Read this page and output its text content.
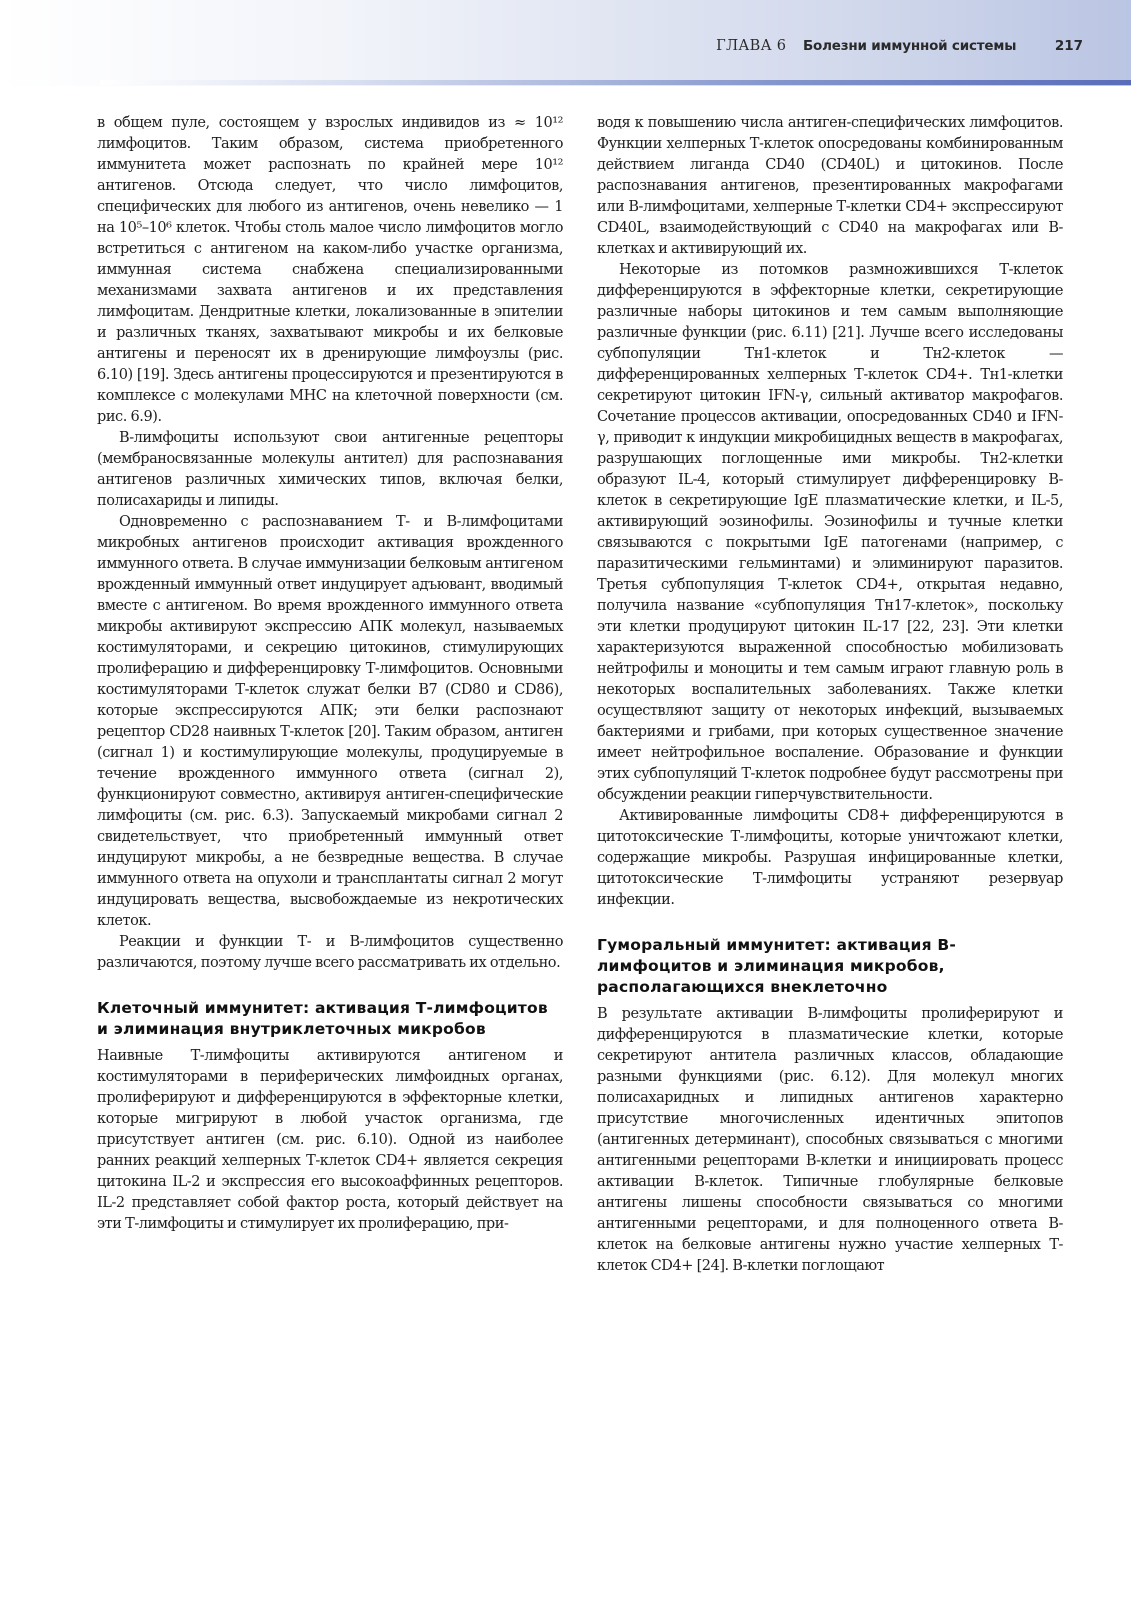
ГЛАВА 6 Болезни иммунной системы	217

в общем пуле, состоящем у взрослых индивидов из ≈ 10¹² лимфоцитов. Таким образом, система приобретенного иммунитета может распознать по крайней мере 10¹² антигенов. Отсюда следует, что число лимфоцитов, специфических для любого из антигенов, очень невелико — 1 на 10⁵–10⁶ клеток. Чтобы столь малое число лимфоцитов могло встретиться с антигеном на каком-либо участке организма, иммунная система снабжена специализированными механизмами захвата антигенов и их представления лимфоцитам. Дендритные клетки, локализованные в эпителии и различных тканях, захватывают микробы и их белковые антигены и переносят их в дренирующие лимфоузлы (рис. 6.10) [19]. Здесь антигены процессируются и презентируются в комплексе с молекулами MHC на клеточной поверхности (см. рис. 6.9).

В-лимфоциты используют свои антигенные рецепторы (мембраносвязанные молекулы антител) для распознавания антигенов различных химических типов, включая белки, полисахариды и липиды.

Одновременно с распознаванием Т- и В-лимфоцитами микробных антигенов происходит активация врожденного иммунного ответа. В случае иммунизации белковым антигеном врожденный иммунный ответ индуцирует адъювант, вводимый вместе с антигеном. Во время врожденного иммунного ответа микробы активируют экспрессию АПК молекул, называемых костимуляторами, и секрецию цитокинов, стимулирующих пролиферацию и дифференцировку Т-лимфоцитов. Основными костимуляторами Т-клеток служат белки B7 (CD80 и CD86), которые экспрессируются АПК; эти белки распознают рецептор CD28 наивных Т-клеток [20]. Таким образом, антиген (сигнал 1) и костимулирующие молекулы, продуцируемые в течение врожденного иммунного ответа (сигнал 2), функционируют совместно, активируя антиген-специфические лимфоциты (см. рис. 6.3). Запускаемый микробами сигнал 2 свидетельствует, что приобретенный иммунный ответ индуцируют микробы, а не безвредные вещества. В случае иммунного ответа на опухоли и трансплантаты сигнал 2 могут индуцировать вещества, высвобождаемые из некротических клеток.

Реакции и функции Т- и В-лимфоцитов существенно различаются, поэтому лучше всего рассматривать их отдельно.

Клеточный иммунитет: активация Т-лимфоцитов и элиминация внутриклеточных микробов

Наивные Т-лимфоциты активируются антигеном и костимуляторами в периферических лимфоидных органах, пролиферируют и дифференцируются в эффекторные клетки, которые мигрируют в любой участок организма, где присутствует антиген (см. рис. 6.10). Одной из наиболее ранних реакций хелперных Т-клеток CD4+ является секреция цитокина IL-2 и экспрессия его высокоаффинных рецепторов. IL-2 представляет собой фактор роста, который действует на эти Т-лимфоциты и стимулирует их пролиферацию, при-

водя к повышению числа антиген-специфических лимфоцитов. Функции хелперных Т-клеток опосредованы комбинированным действием лиганда CD40 (CD40L) и цитокинов. После распознавания антигенов, презентированных макрофагами или В-лимфоцитами, хелперные Т-клетки CD4+ экспрессируют CD40L, взаимодействующий с CD40 на макрофагах или В-клетках и активирующий их.

Некоторые из потомков размножившихся Т-клеток дифференцируются в эффекторные клетки, секретирующие различные наборы цитокинов и тем самым выполняющие различные функции (рис. 6.11) [21]. Лучше всего исследованы субпопуляции Tн1-клеток и Tн2-клеток — дифференцированных хелперных Т-клеток CD4+. Tн1-клетки секретируют цитокин IFN-γ, сильный активатор макрофагов. Сочетание процессов активации, опосредованных CD40 и IFN-γ, приводит к индукции микробицидных веществ в макрофагах, разрушающих поглощенные ими микробы. Tн2-клетки образуют IL-4, который стимулирует дифференцировку В-клеток в секретирующие IgE плазматические клетки, и IL-5, активирующий эозинофилы. Эозинофилы и тучные клетки связываются с покрытыми IgE патогенами (например, с паразитическими гельминтами) и элиминируют паразитов. Третья субпопуляция Т-клеток CD4+, открытая недавно, получила название «субпопуляция Tн17-клеток», поскольку эти клетки продуцируют цитокин IL-17 [22, 23]. Эти клетки характеризуются выраженной способностью мобилизовать нейтрофилы и моноциты и тем самым играют главную роль в некоторых воспалительных заболеваниях. Также клетки осуществляют защиту от некоторых инфекций, вызываемых бактериями и грибами, при которых существенное значение имеет нейтрофильное воспаление. Образование и функции этих субпопуляций Т-клеток подробнее будут рассмотрены при обсуждении реакции гиперчувствительности.

Активированные лимфоциты CD8+ дифференцируются в цитотоксические Т-лимфоциты, которые уничтожают клетки, содержащие микробы. Разрушая инфицированные клетки, цитотоксические Т-лимфоциты устраняют резервуар инфекции.

Гуморальный иммунитет: активация В-лимфоцитов и элиминация микробов, располагающихся внеклеточно

В результате активации В-лимфоциты пролиферируют и дифференцируются в плазматические клетки, которые секретируют антитела различных классов, обладающие разными функциями (рис. 6.12). Для молекул многих полисахаридных и липидных антигенов характерно присутствие многочисленных идентичных эпитопов (антигенных детерминант), способных связываться с многими антигенными рецепторами В-клетки и инициировать процесс активации В-клеток. Типичные глобулярные белковые антигены лишены способности связываться со многими антигенными рецепторами, и для полноценного ответа В-клеток на белковые антигены нужно участие хелперных Т-клеток CD4+ [24]. В-клетки поглощают
